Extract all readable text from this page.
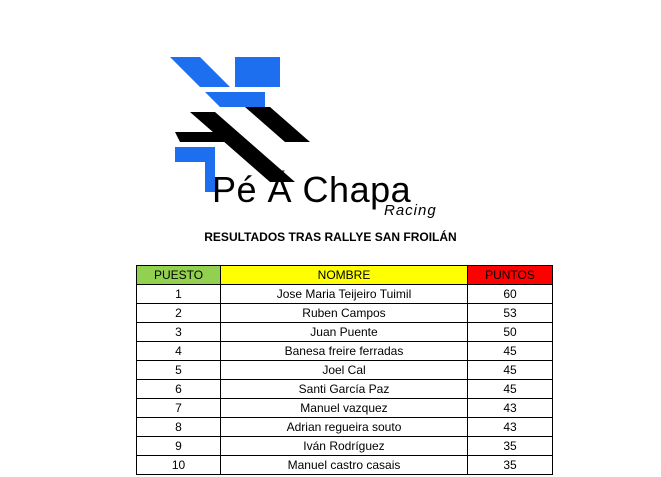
Pé Á Chapa
Racing
RESULTADOS TRAS RALLYE SAN FROILÁN
PUESTO	NOMBRE	PUNTOS
1	Jose Maria Teijeiro Tuimil	60
2	Ruben Campos	53
3	Juan Puente	50
4	Banesa freire ferradas	45
5	Joel Cal	45
6	Santi García Paz	45
7	Manuel vazquez	43
8	Adrian regueira souto	43
9	Iván Rodríguez	35
10	Manuel castro casais	35
